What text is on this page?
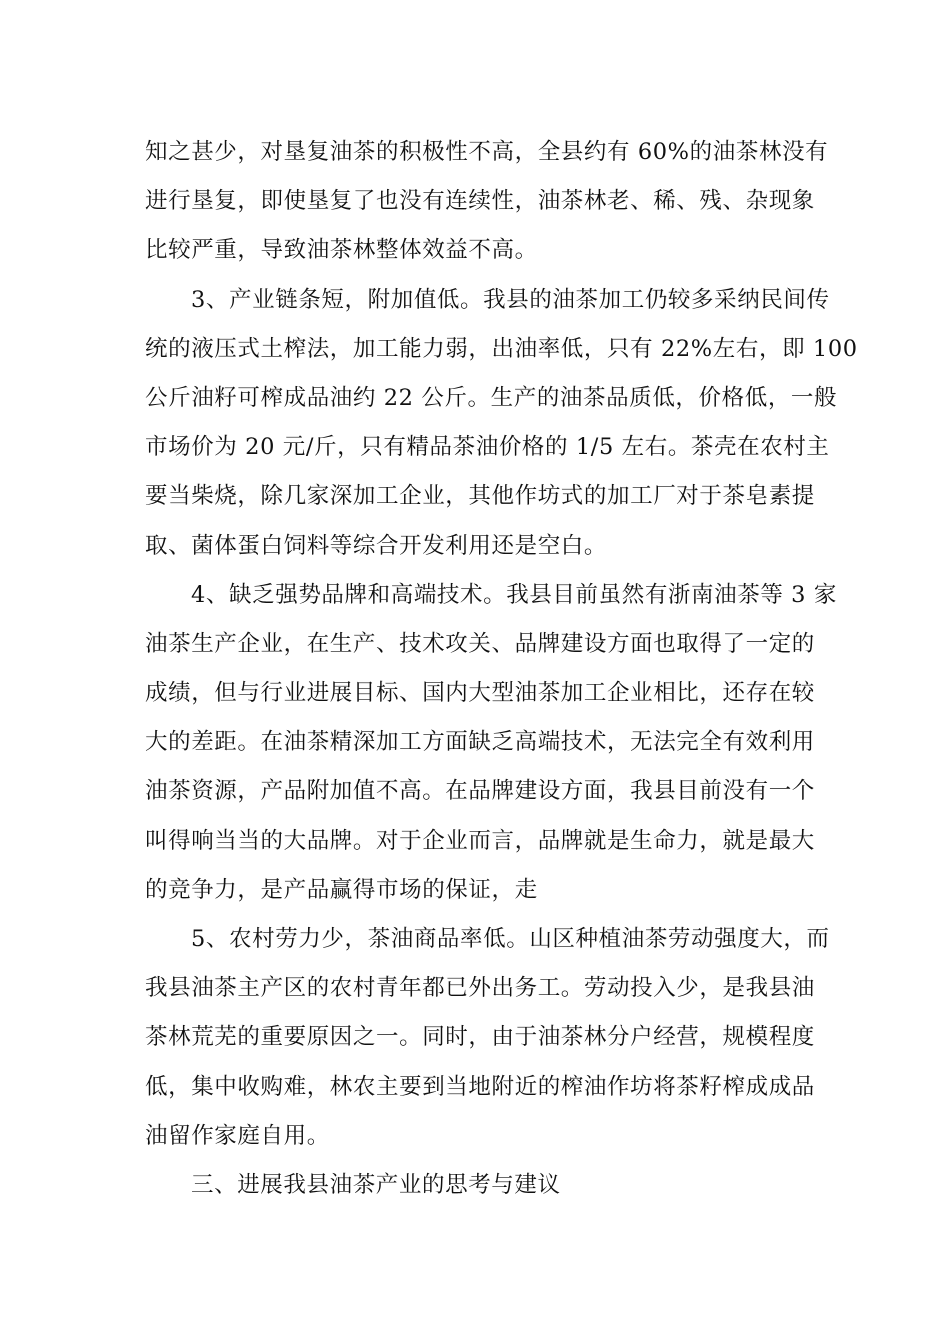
知之甚少，对垦复油茶的积极性不高，全县约有 60%的油茶林没有
进行垦复，即使垦复了也没有连续性，油茶林老、稀、残、杂现象
比较严重，导致油茶林整体效益不高。

3、产业链条短，附加值低。我县的油茶加工仍较多采纳民间传
统的液压式土榨法，加工能力弱，出油率低，只有 22%左右，即 100
公斤油籽可榨成品油约 22 公斤。生产的油茶品质低，价格低，一般
市场价为 20 元/斤，只有精品茶油价格的 1/5 左右。茶壳在农村主
要当柴烧，除几家深加工企业，其他作坊式的加工厂对于茶皂素提
取、菌体蛋白饲料等综合开发利用还是空白。

4、缺乏强势品牌和高端技术。我县目前虽然有浙南油茶等 3 家
油茶生产企业，在生产、技术攻关、品牌建设方面也取得了一定的
成绩，但与行业进展目标、国内大型油茶加工企业相比，还存在较
大的差距。在油茶精深加工方面缺乏高端技术，无法完全有效利用
油茶资源，产品附加值不高。在品牌建设方面，我县目前没有一个
叫得响当当的大品牌。对于企业而言，品牌就是生命力，就是最大
的竞争力，是产品赢得市场的保证，走

5、农村劳力少，茶油商品率低。山区种植油茶劳动强度大，而
我县油茶主产区的农村青年都已外出务工。劳动投入少，是我县油
茶林荒芜的重要原因之一。同时，由于油茶林分户经营，规模程度
低，集中收购难，林农主要到当地附近的榨油作坊将茶籽榨成成品
油留作家庭自用。

三、进展我县油茶产业的思考与建议
